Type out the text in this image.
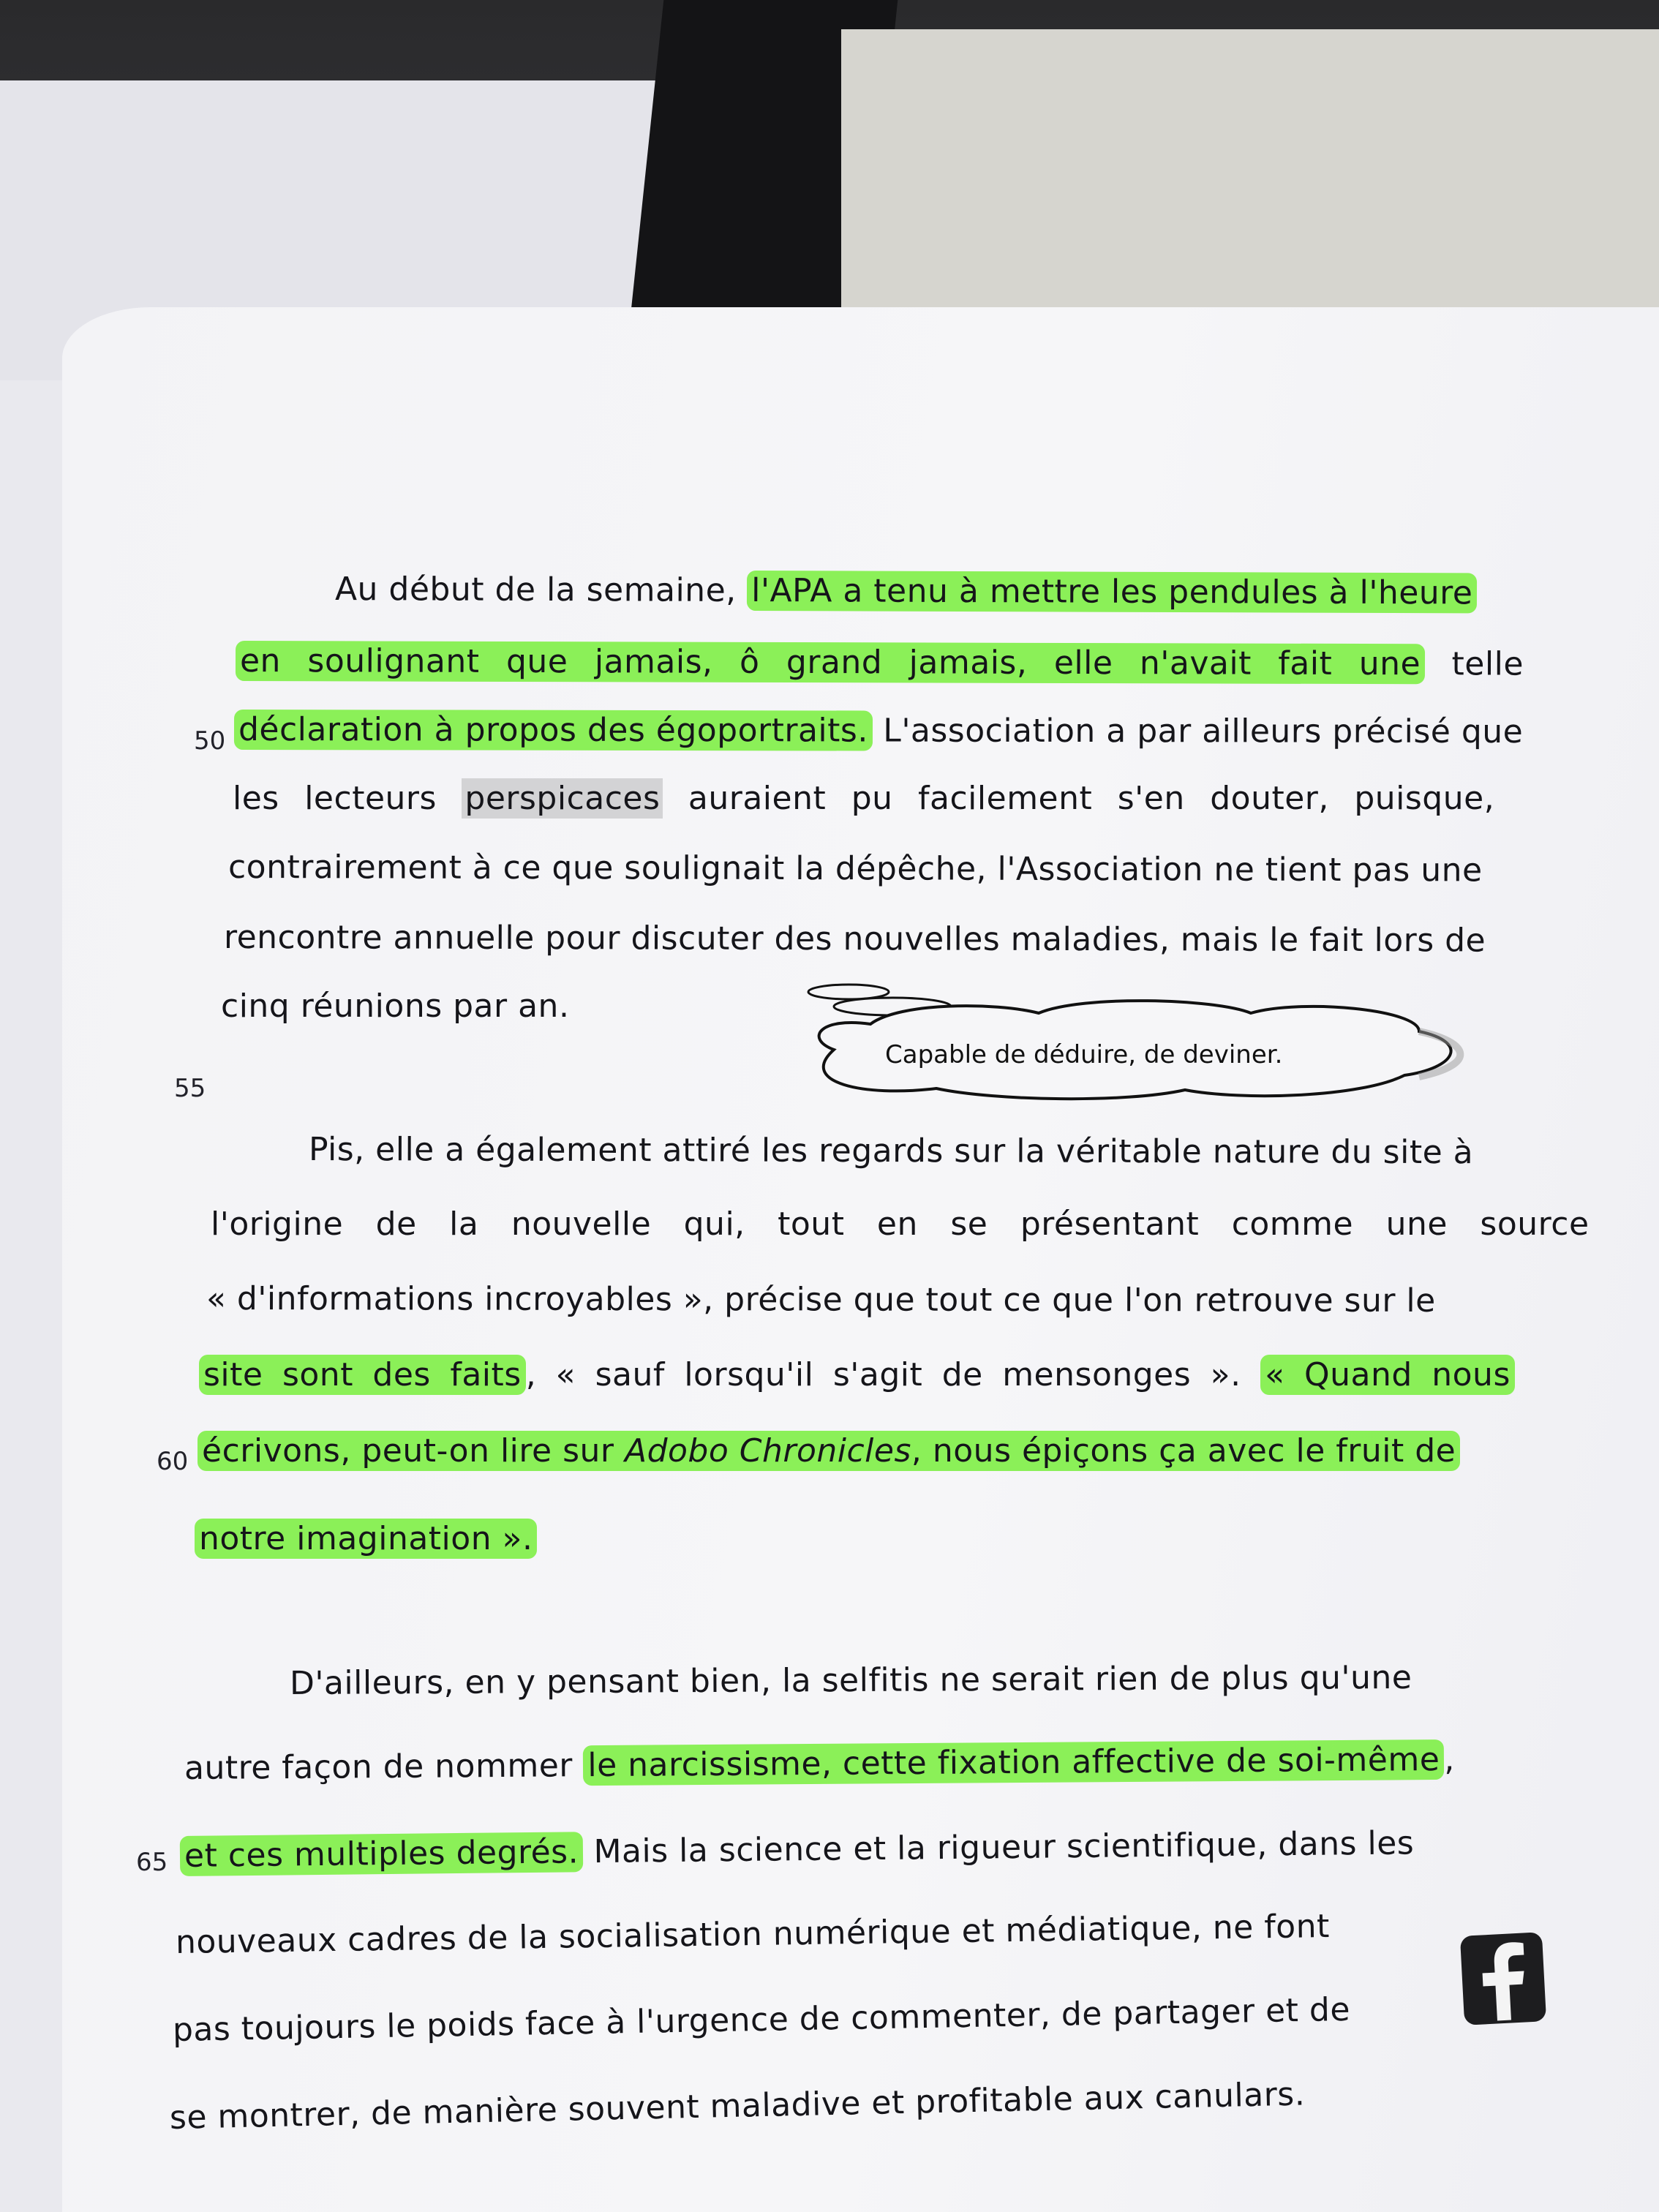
Au début de la semaine, l'APA a tenu à mettre les pendules à l'heure
en soulignant que jamais, ô grand jamais, elle n'avait fait une telle
déclaration à propos des égoportraits. L'association a par ailleurs précisé que
les lecteurs perspicaces auraient pu facilement s'en douter, puisque,
contrairement à ce que soulignait la dépêche, l'Association ne tient pas une
rencontre annuelle pour discuter des nouvelles maladies, mais le fait lors de
cinq réunions par an.
Capable de déduire, de deviner.
Pis, elle a également attiré les regards sur la véritable nature du site à
l'origine de la nouvelle qui, tout en se présentant comme une source
« d'informations incroyables », précise que tout ce que l'on retrouve sur le
site sont des faits , « sauf lorsqu'il s'agit de mensonges ». « Quand nous
écrivons, peut-on lire sur Adobo Chronicles, nous épiçons ça avec le fruit de
notre imagination ».
D'ailleurs, en y pensant bien, la selfitis ne serait rien de plus qu'une
autre façon de nommer le narcissisme, cette fixation affective de soi-même ,
et ces multiples degrés. Mais la science et la rigueur scientifique, dans les
nouveaux cadres de la socialisation numérique et médiatique, ne font
pas toujours le poids face à l'urgence de commenter, de partager et de
se montrer, de manière souvent maladive et profitable aux canulars.
50
55
60
65
